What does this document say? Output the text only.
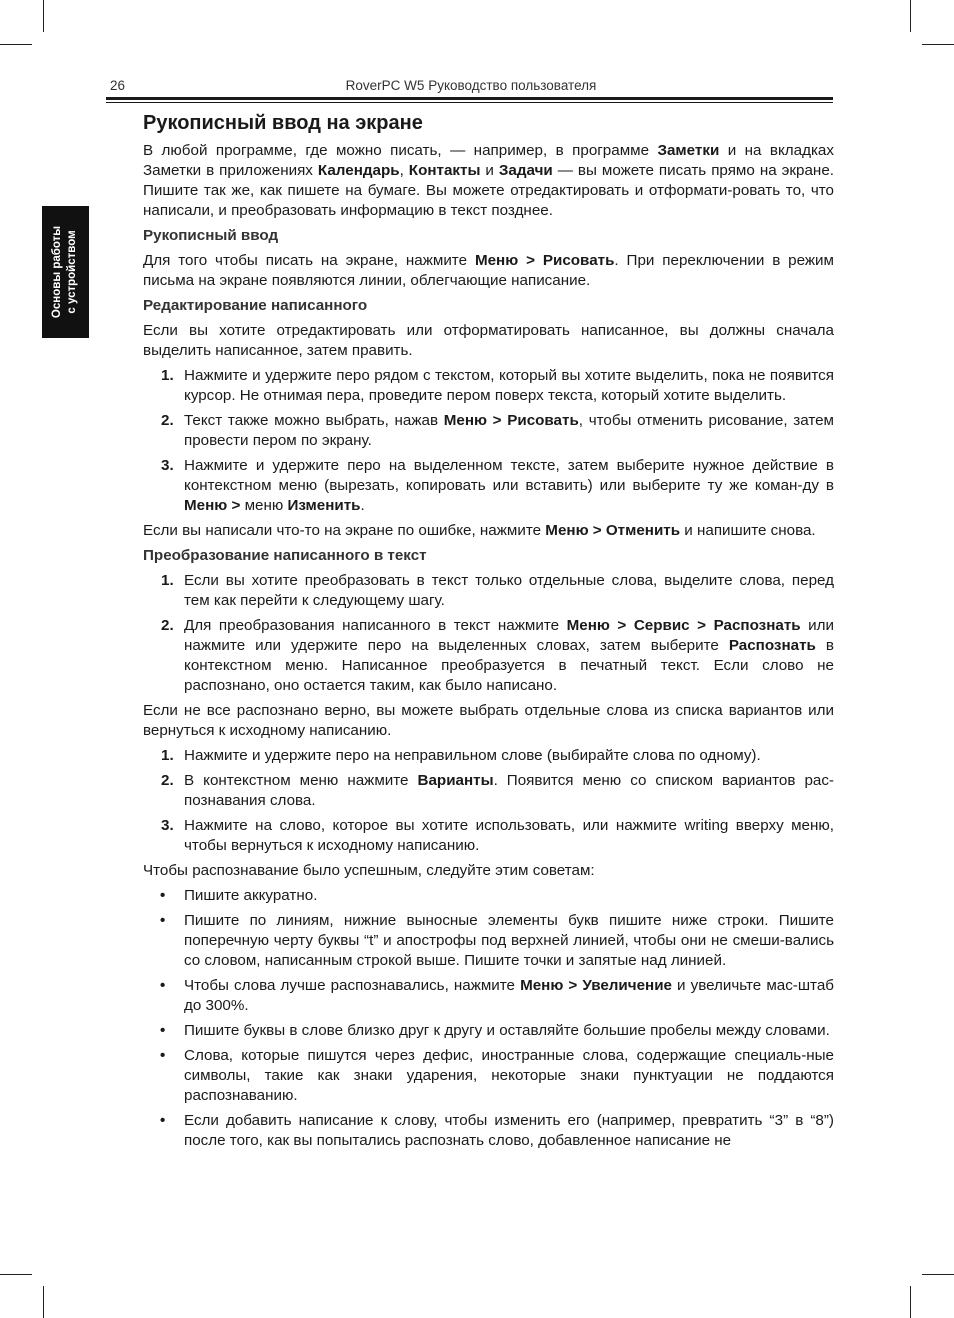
26	RoverPC W5 Руководство пользователя
Основы работы с устройством
Рукописный ввод на экране

В любой программе, где можно писать, — например, в программе Заметки и на вкладках Заметки в приложениях Календарь, Контакты и Задачи — вы можете писать прямо на экране. Пишите так же, как пишете на бумаге. Вы можете отредактировать и отформати-ровать то, что написали, и преобразовать информацию в текст позднее.

Рукописный ввод

Для того чтобы писать на экране, нажмите Меню > Рисовать. При переключении в режим письма на экране появляются линии, облегчающие написание.

Редактирование написанного

Если вы хотите отредактировать или отформатировать написанное, вы должны сначала выделить написанное, затем править.

1. Нажмите и удержите перо рядом с текстом, который вы хотите выделить, пока не появится курсор. Не отнимая пера, проведите пером поверх текста, который хотите выделить.
2. Текст также можно выбрать, нажав Меню > Рисовать, чтобы отменить рисование, затем провести пером по экрану.
3. Нажмите и удержите перо на выделенном тексте, затем выберите нужное действие в контекстном меню (вырезать, копировать или вставить) или выберите ту же коман-ду в Меню > меню Изменить.

Если вы написали что-то на экране по ошибке, нажмите Меню > Отменить и напишите снова.

Преобразование написанного в текст
1. Если вы хотите преобразовать в текст только отдельные слова, выделите слова, перед тем как перейти к следующему шагу.
2. Для преобразования написанного в текст нажмите Меню > Сервис > Распознать или нажмите или удержите перо на выделенных словах, затем выберите Распознать в контекстном меню. Написанное преобразуется в печатный текст. Если слово не распознано, оно остается таким, как было написано.

Если не все распознано верно, вы можете выбрать отдельные слова из списка вариантов или вернуться к исходному написанию.

1. Нажмите и удержите перо на неправильном слове (выбирайте слова по одному).
2. В контекстном меню нажмите Варианты. Появится меню со списком вариантов рас-познавания слова.
3. Нажмите на слово, которое вы хотите использовать, или нажмите writing вверху меню, чтобы вернуться к исходному написанию.

Чтобы распознавание было успешным, следуйте этим советам:

• Пишите аккуратно.
• Пишите по линиям, нижние выносные элементы букв пишите ниже строки. Пишите поперечную черту буквы “t” и апострофы под верхней линией, чтобы они не смеши-вались со словом, написанным строкой выше. Пишите точки и запятые над линией.
• Чтобы слова лучше распознавались, нажмите Меню > Увеличение и увеличьте мас-штаб до 300%.
• Пишите буквы в слове близко друг к другу и оставляйте большие пробелы между словами.
• Слова, которые пишутся через дефис, иностранные слова, содержащие специаль-ные символы, такие как знаки ударения, некоторые знаки пунктуации не поддаются распознаванию.
• Если добавить написание к слову, чтобы изменить его (например, превратить “3” в “8”) после того, как вы попытались распознать слово, добавленное написание не
